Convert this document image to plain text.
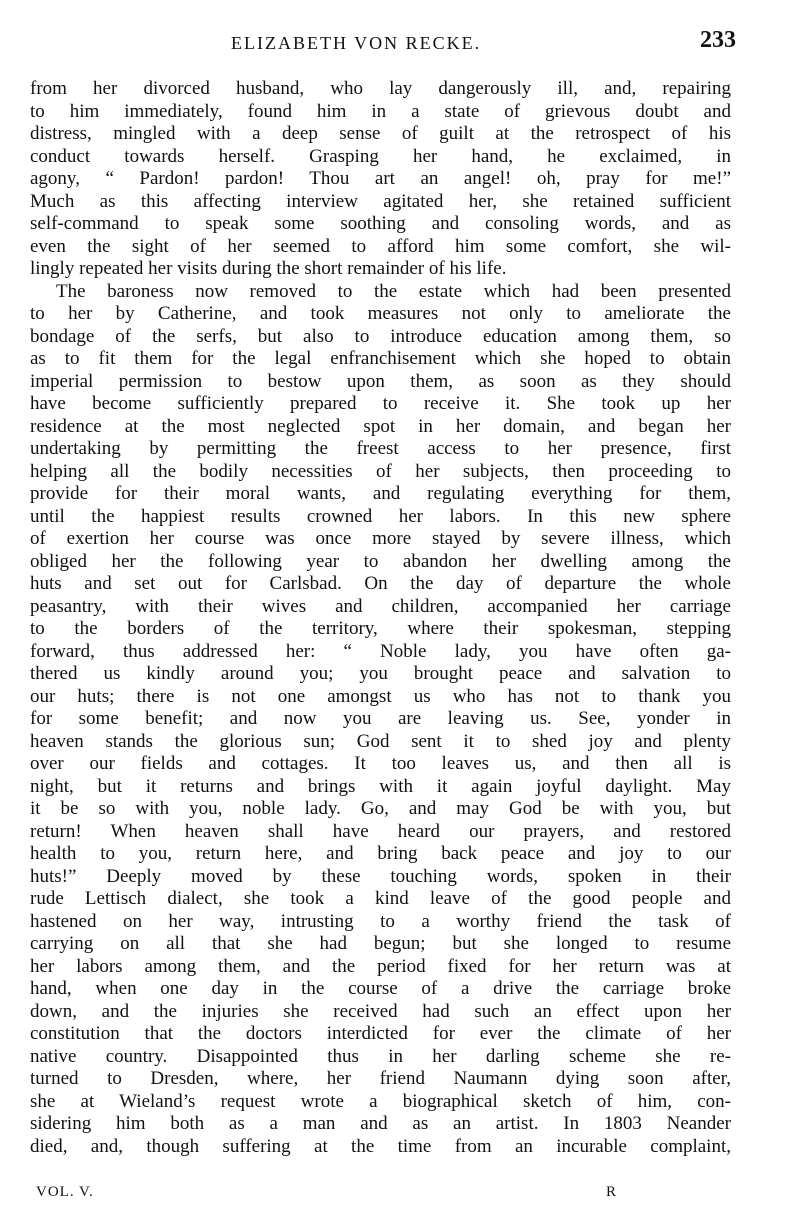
ELIZABETH VON RECKE.	233
from her divorced husband, who lay dangerously ill, and, repairing
to him immediately, found him in a state of grievous doubt and
distress, mingled with a deep sense of guilt at the retrospect of his
conduct towards herself. Grasping her hand, he exclaimed, in
agony, “ Pardon! pardon! Thou art an angel! oh, pray for me!”
Much as this affecting interview agitated her, she retained sufficient
self-command to speak some soothing and consoling words, and as
even the sight of her seemed to afford him some comfort, she wil-
lingly repeated her visits during the short remainder of his life.
The baroness now removed to the estate which had been presented
to her by Catherine, and took measures not only to ameliorate the
bondage of the serfs, but also to introduce education among them, so
as to fit them for the legal enfranchisement which she hoped to obtain
imperial permission to bestow upon them, as soon as they should
have become sufficiently prepared to receive it. She took up her
residence at the most neglected spot in her domain, and began her
undertaking by permitting the freest access to her presence, first
helping all the bodily necessities of her subjects, then proceeding to
provide for their moral wants, and regulating everything for them,
until the happiest results crowned her labors. In this new sphere
of exertion her course was once more stayed by severe illness, which
obliged her the following year to abandon her dwelling among the
huts and set out for Carlsbad. On the day of departure the whole
peasantry, with their wives and children, accompanied her carriage
to the borders of the territory, where their spokesman, stepping
forward, thus addressed her: “ Noble lady, you have often ga-
thered us kindly around you; you brought peace and salvation to
our huts; there is not one amongst us who has not to thank you
for some benefit; and now you are leaving us. See, yonder in
heaven stands the glorious sun; God sent it to shed joy and plenty
over our fields and cottages. It too leaves us, and then all is
night, but it returns and brings with it again joyful daylight. May
it be so with you, noble lady. Go, and may God be with you, but
return! When heaven shall have heard our prayers, and restored
health to you, return here, and bring back peace and joy to our
huts!” Deeply moved by these touching words, spoken in their
rude Lettisch dialect, she took a kind leave of the good people and
hastened on her way, intrusting to a worthy friend the task of
carrying on all that she had begun; but she longed to resume
her labors among them, and the period fixed for her return was at
hand, when one day in the course of a drive the carriage broke
down, and the injuries she received had such an effect upon her
constitution that the doctors interdicted for ever the climate of her
native country. Disappointed thus in her darling scheme she re-
turned to Dresden, where, her friend Naumann dying soon after,
she at Wieland’s request wrote a biographical sketch of him, con-
sidering him both as a man and as an artist. In 1803 Neander
died, and, though suffering at the time from an incurable complaint,
VOL. V.	R
